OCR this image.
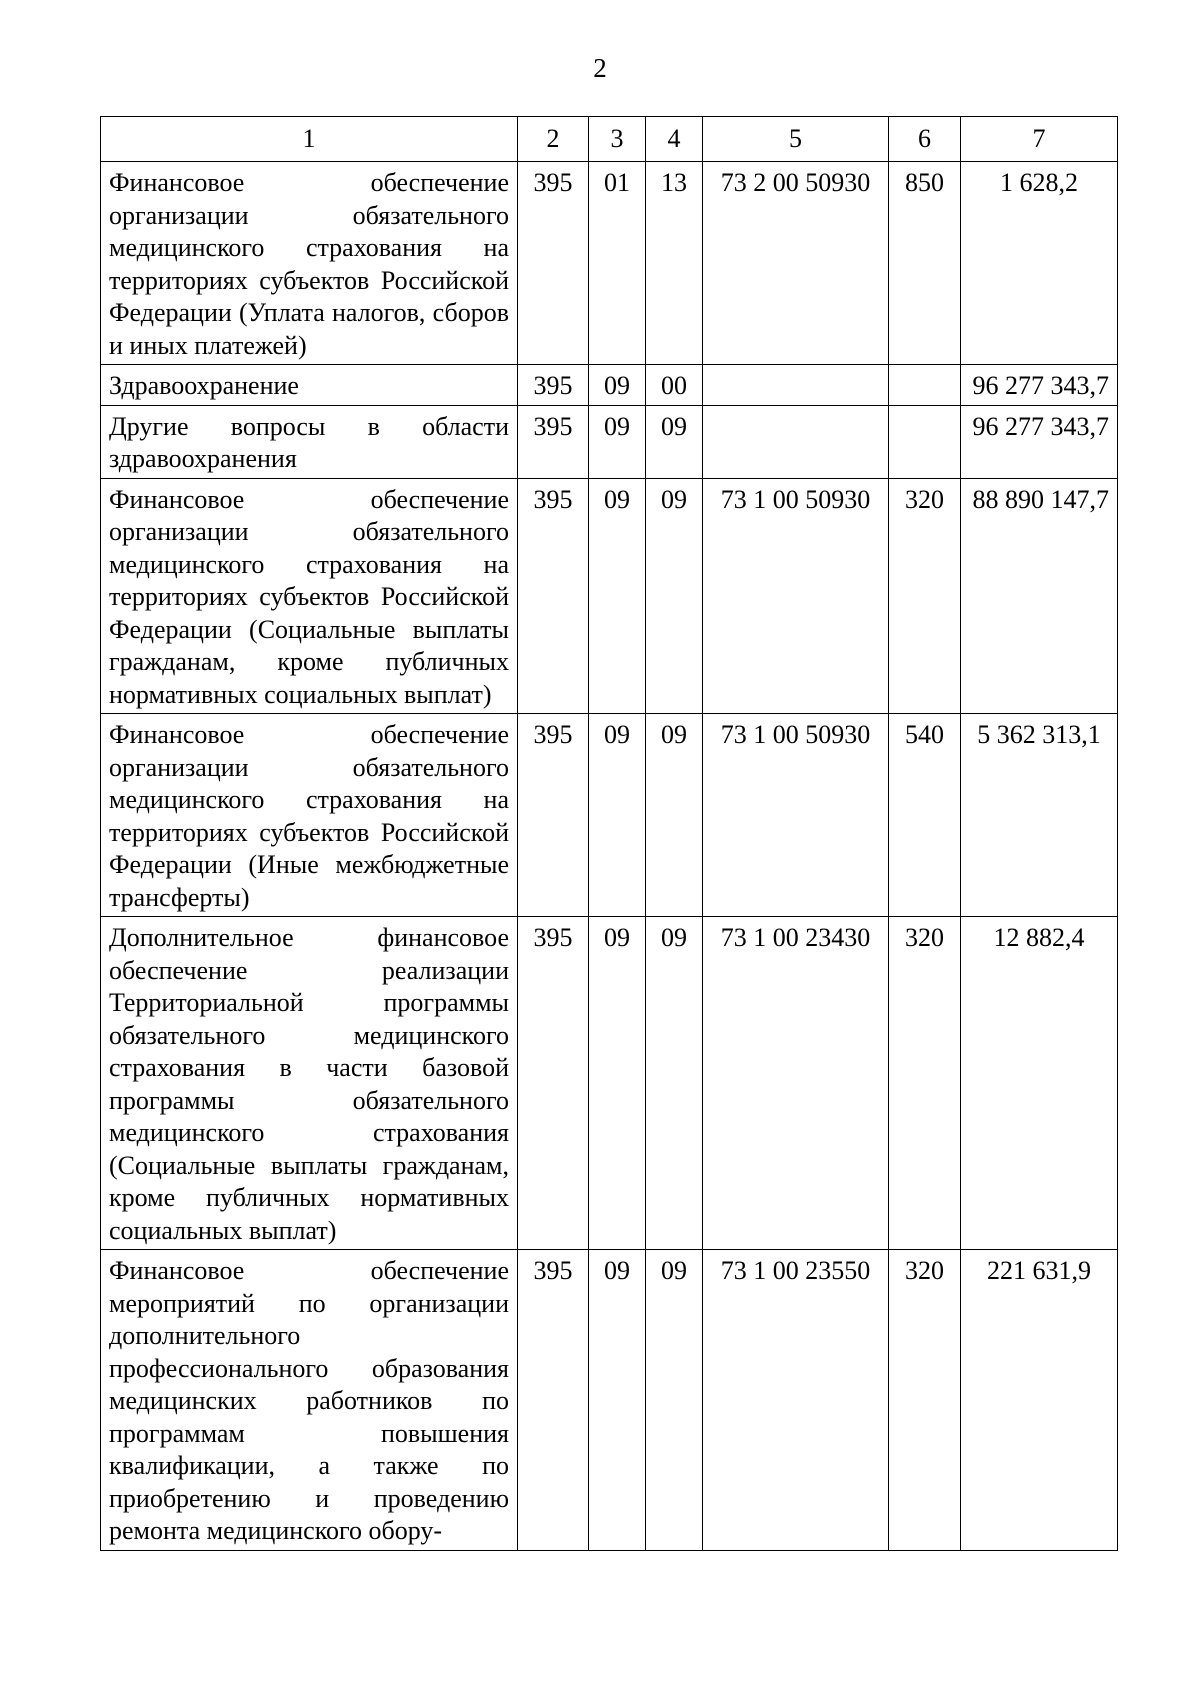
2
1	2	3	4	5	6	7
Финансовое обеспечение организации обязательного медицинского страхования на территориях субъектов Российской Федерации (Уплата налогов, сборов и иных платежей)	395	01	13	73 2 00 50930	850	1 628,2
Здравоохранение	395	09	00			96 277 343,7
Другие вопросы в области здравоохранения	395	09	09			96 277 343,7
Финансовое обеспечение организации обязательного медицинского страхования на территориях субъектов Российской Федерации (Социальные выплаты гражданам, кроме публичных нормативных социальных выплат)	395	09	09	73 1 00 50930	320	88 890 147,7
Финансовое обеспечение организации обязательного медицинского страхования на территориях субъектов Российской Федерации (Иные межбюджетные трансферты)	395	09	09	73 1 00 50930	540	5 362 313,1
Дополнительное финансовое обеспечение реализации Территориальной программы обязательного медицинского страхования в части базовой программы обязательного медицинского страхования (Социальные выплаты гражданам, кроме публичных нормативных социальных выплат)	395	09	09	73 1 00 23430	320	12 882,4
Финансовое обеспечение мероприятий по организации дополнительного профессионального образования медицинских работников по программам повышения квалификации, а также по приобретению и проведению ремонта медицинского обору-	395	09	09	73 1 00 23550	320	221 631,9
